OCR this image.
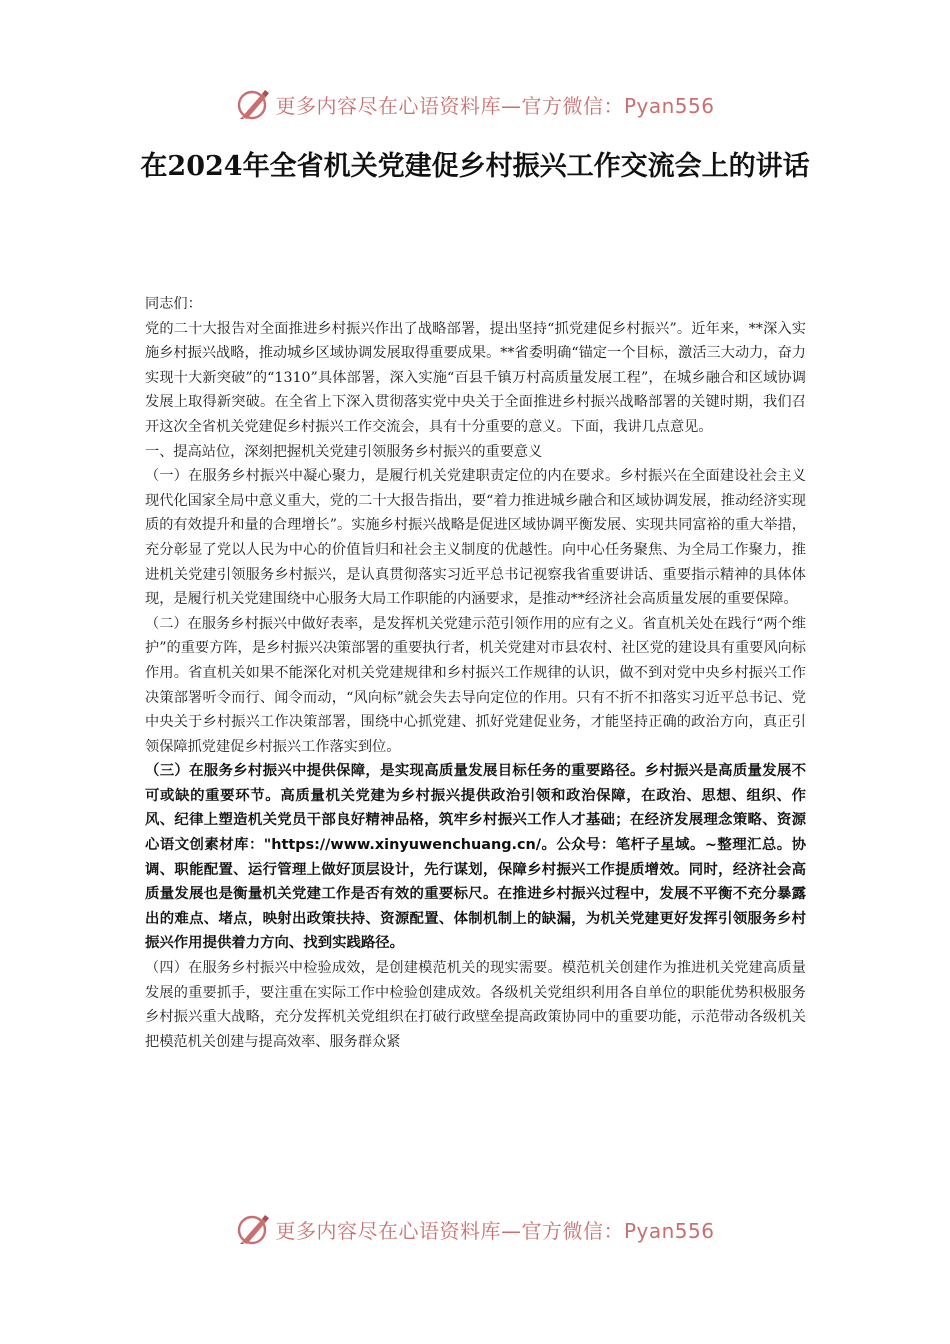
更多内容尽在心语资料库—官方微信：Pyan556
在2024年全省机关党建促乡村振兴工作交流会上的讲话

同志们：

党的二十大报告对全面推进乡村振兴作出了战略部署，提出坚持“抓党建促乡村振兴”。近年来，**深入实施乡村振兴战略，推动城乡区域协调发展取得重要成果。**省委明确“锚定一个目标，激活三大动力，奋力实现十大新突破”的“1310”具体部署，深入实施“百县千镇万村高质量发展工程”，在城乡融合和区域协调发展上取得新突破。在全省上下深入贯彻落实党中央关于全面推进乡村振兴战略部署的关键时期，我们召开这次全省机关党建促乡村振兴工作交流会，具有十分重要的意义。下面，我讲几点意见。

一、提高站位，深刻把握机关党建引领服务乡村振兴的重要意义

（一）在服务乡村振兴中凝心聚力，是履行机关党建职责定位的内在要求。乡村振兴在全面建设社会主义现代化国家全局中意义重大，党的二十大报告指出，要“着力推进城乡融合和区域协调发展，推动经济实现质的有效提升和量的合理增长”。实施乡村振兴战略是促进区域协调平衡发展、实现共同富裕的重大举措，充分彰显了党以人民为中心的价值旨归和社会主义制度的优越性。向中心任务聚焦、为全局工作聚力，推进机关党建引领服务乡村振兴，是认真贯彻落实习近平总书记视察我省重要讲话、重要指示精神的具体体现，是履行机关党建围绕中心服务大局工作职能的内涵要求，是推动**经济社会高质量发展的重要保障。

（二）在服务乡村振兴中做好表率，是发挥机关党建示范引领作用的应有之义。省直机关处在践行“两个维护”的重要方阵，是乡村振兴决策部署的重要执行者，机关党建对市县农村、社区党的建设具有重要风向标作用。省直机关如果不能深化对机关党建规律和乡村振兴工作规律的认识，做不到对党中央乡村振兴工作决策部署听令而行、闻令而动，“风向标”就会失去导向定位的作用。只有不折不扣落实习近平总书记、党中央关于乡村振兴工作决策部署，围绕中心抓党建、抓好党建促业务，才能坚持正确的政治方向，真正引领保障抓党建促乡村振兴工作落实到位。

（三）在服务乡村振兴中提供保障，是实现高质量发展目标任务的重要路径。乡村振兴是高质量发展不可或缺的重要环节。高质量机关党建为乡村振兴提供政治引领和政治保障，在政治、思想、组织、作风、纪律上塑造机关党员干部良好精神品格，筑牢乡村振兴工作人才基础；在经济发展理念策略、资源心语文创素材库："https://www.xinyuwenchuang.cn/。公众号：笔杆子星域。~整理汇总。协调、职能配置、运行管理上做好顶层设计，先行谋划，保障乡村振兴工作提质增效。同时，经济社会高质量发展也是衡量机关党建工作是否有效的重要标尺。在推进乡村振兴过程中，发展不平衡不充分暴露出的难点、堵点，映射出政策扶持、资源配置、体制机制上的缺漏，为机关党建更好发挥引领服务乡村振兴作用提供着力方向、找到实践路径。

（四）在服务乡村振兴中检验成效，是创建模范机关的现实需要。模范机关创建作为推进机关党建高质量发展的重要抓手，要注重在实际工作中检验创建成效。各级机关党组织利用各自单位的职能优势积极服务乡村振兴重大战略，充分发挥机关党组织在打破行政壁垒提高政策协同中的重要功能，示范带动各级机关把模范机关创建与提高效率、服务群众紧

更多内容尽在心语资料库—官方微信：Pyan556
